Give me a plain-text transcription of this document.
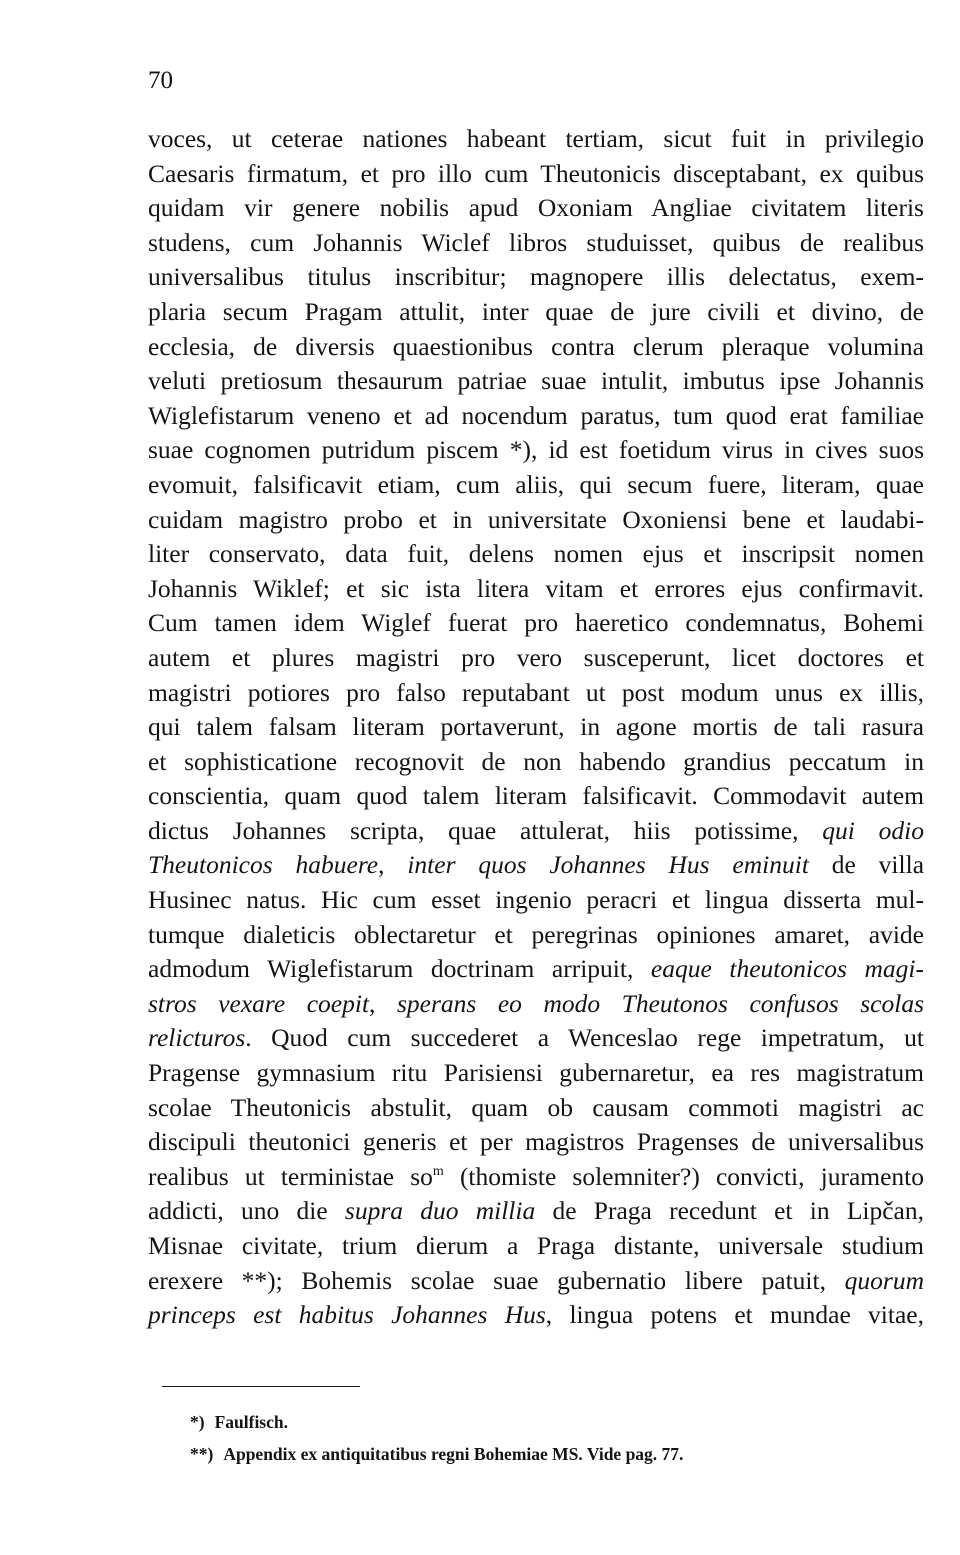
70
voces, ut ceterae nationes habeant tertiam, sicut fuit in privilegio
Caesaris firmatum, et pro illo cum Theutonicis disceptabant, ex quibus
quidam vir genere nobilis apud Oxoniam Angliae civitatem literis
studens, cum Johannis Wiclef libros studuisset, quibus de realibus
universalibus titulus inscribitur; magnopere illis delectatus, exem-
plaria secum Pragam attulit, inter quae de jure civili et divino, de
ecclesia, de diversis quaestionibus contra clerum pleraque volumina
veluti pretiosum thesaurum patriae suae intulit, imbutus ipse Johannis
Wiglefistarum veneno et ad nocendum paratus, tum quod erat familiae
suae cognomen putridum piscem *), id est foetidum virus in cives suos
evomuit, falsificavit etiam, cum aliis, qui secum fuere, literam, quae
cuidam magistro probo et in universitate Oxoniensi bene et laudabi-
liter conservato, data fuit, delens nomen ejus et inscripsit nomen
Johannis Wiklef; et sic ista litera vitam et errores ejus confirmavit.
Cum tamen idem Wiglef fuerat pro haeretico condemnatus, Bohemi
autem et plures magistri pro vero susceperunt, licet doctores et
magistri potiores pro falso reputabant ut post modum unus ex illis,
qui talem falsam literam portaverunt, in agone mortis de tali rasura
et sophisticatione recognovit de non habendo grandius peccatum in
conscientia, quam quod talem literam falsificavit. Commodavit autem
dictus Johannes scripta, quae attulerat, hiis potissime, qui odio
Theutonicos habuere, inter quos Johannes Hus eminuit de villa
Husinec natus. Hic cum esset ingenio peracri et lingua disserta mul-
tumque dialeticis oblectaretur et peregrinas opiniones amaret, avide
admodum Wiglefistarum doctrinam arripuit, eaque theutonicos magi-
stros vexare coepit, sperans eo modo Theutonos confusos scolas
relicturos. Quod cum succederet a Wenceslao rege impetratum, ut
Pragense gymnasium ritu Parisiensi gubernaretur, ea res magistratum
scolae Theutonicis abstulit, quam ob causam commoti magistri ac
discipuli theutonici generis et per magistros Pragenses de universalibus
realibus ut terministae $so^m$ (thomiste solemniter?) convicti, juramento
addicti, uno die supra duo millia de Praga recedunt et in Lipčan,
Misnae civitate, trium dierum a Praga distante, universale studium
erexere **); Bohemis scolae suae gubernatio libere patuit, quorum
princeps est habitus Johannes Hus, lingua potens et mundae vitae,
*) Faulfisch.
**) Appendix ex antiquitatibus regni Bohemiae MS. Vide pag. 77.
